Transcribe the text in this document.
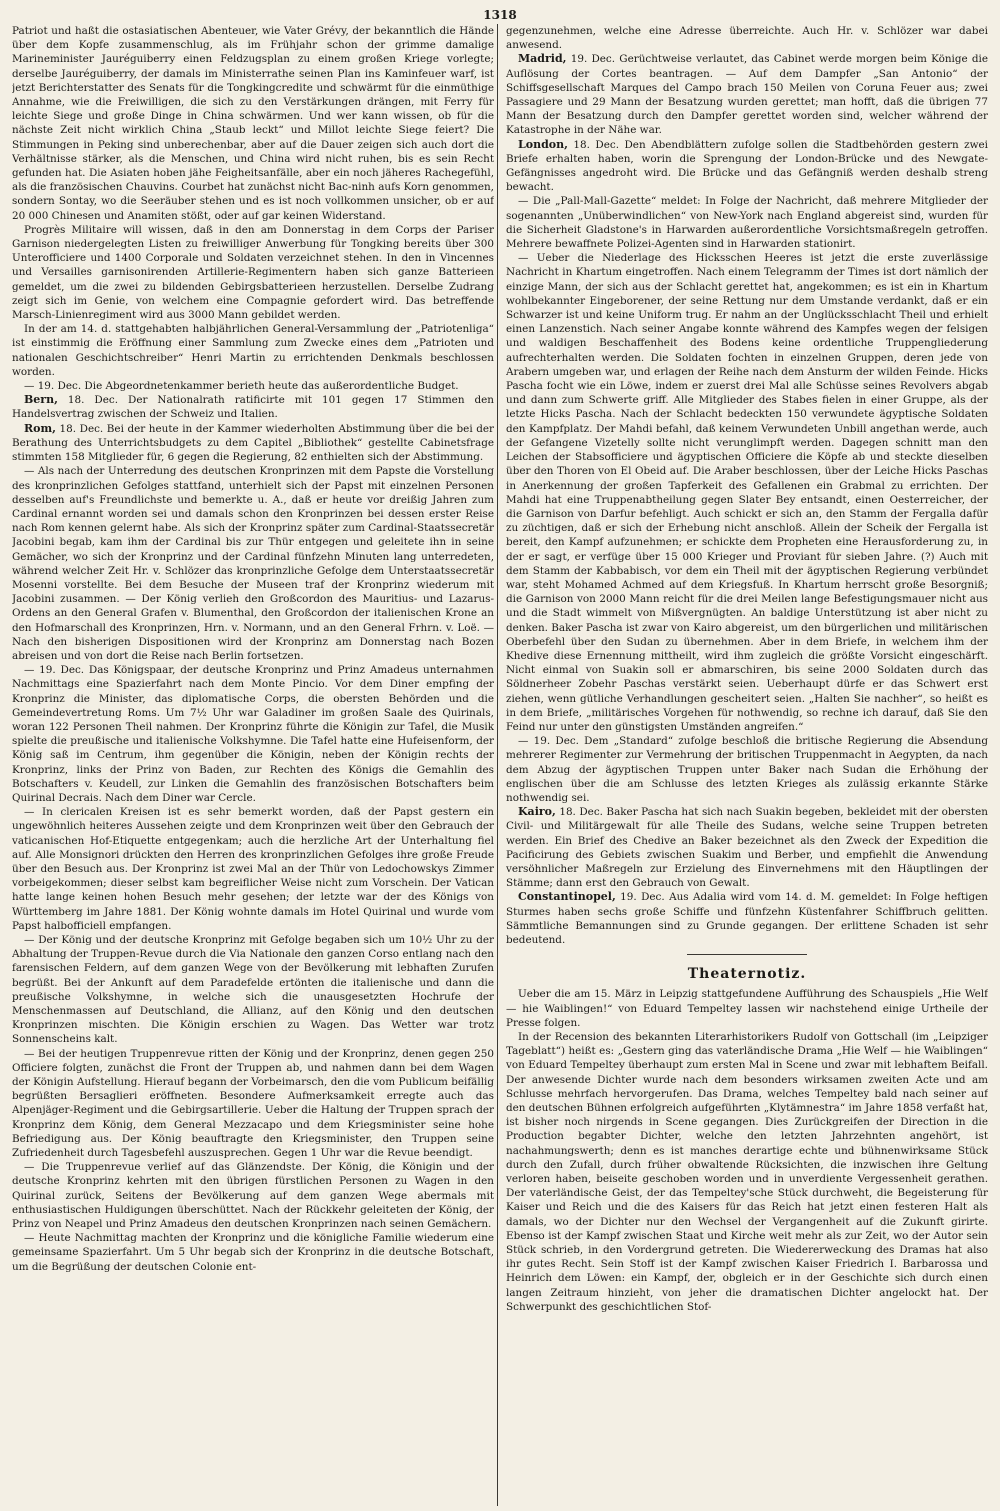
1318

Patriot und haßt die ostasiatischen Abenteuer, wie Vater Grévy, der bekanntlich die Hände über dem Kopfe zusammenschlug, als im Frühjahr schon der grimme damalige Marineminister Jauréguiberry einen Feldzugsplan zu einem großen Kriege vorlegte; derselbe Jauréguiberry, der damals im Ministerrathe seinen Plan ins Kaminfeuer warf, ist jetzt Berichterstatter des Senats für die Tongkingcredite und schwärmt für die einmüthige Annahme, wie die Freiwilligen, die sich zu den Verstärkungen drängen, mit Ferry für leichte Siege und große Dinge in China schwärmen. Und wer kann wissen, ob für die nächste Zeit nicht wirklich China „Staub leckt“ und Millot leichte Siege feiert? Die Stimmungen in Peking sind unberechenbar, aber auf die Dauer zeigen sich auch dort die Verhältnisse stärker, als die Menschen, und China wird nicht ruhen, bis es sein Recht gefunden hat. Die Asiaten hoben jähe Feigheitsanfälle, aber ein noch jäheres Rachegefühl, als die französischen Chauvins. Courbet hat zunächst nicht Bac-ninh aufs Korn genommen, sondern Sontay, wo die Seeräuber stehen und es ist noch vollkommen unsicher, ob er auf 20 000 Chinesen und Anamiten stößt, oder auf gar keinen Widerstand.

Progrès Militaire will wissen, daß in den am Donnerstag in dem Corps der Pariser Garnison niedergelegten Listen zu freiwilliger Anwerbung für Tongking bereits über 300 Unterofficiere und 1400 Corporale und Soldaten verzeichnet stehen. In den in Vincennes und Versailles garnisonirenden Artillerie-Regimentern haben sich ganze Batterieen gemeldet, um die zwei zu bildenden Gebirgsbatterieen herzustellen. Derselbe Zudrang zeigt sich im Genie, von welchem eine Compagnie gefordert wird. Das betreffende Marsch-Linienregiment wird aus 3000 Mann gebildet werden.

In der am 14. d. stattgehabten halbjährlichen General-Versammlung der „Patriotenliga“ ist einstimmig die Eröffnung einer Sammlung zum Zwecke eines dem „Patrioten und nationalen Geschichtschreiber“ Henri Martin zu errichtenden Denkmals beschlossen worden.

— 19. Dec. Die Abgeordnetenkammer berieth heute das außerordentliche Budget.

Bern, 18. Dec. Der Nationalrath ratificirte mit 101 gegen 17 Stimmen den Handelsvertrag zwischen der Schweiz und Italien.

Rom, 18. Dec. Bei der heute in der Kammer wiederholten Abstimmung über die bei der Berathung des Unterrichtsbudgets zu dem Capitel „Bibliothek“ gestellte Cabinetsfrage stimmten 158 Mitglieder für, 6 gegen die Regierung, 82 enthielten sich der Abstimmung.

— Als nach der Unterredung des deutschen Kronprinzen mit dem Papste die Vorstellung des kronprinzlichen Gefolges stattfand, unterhielt sich der Papst mit einzelnen Personen desselben auf's Freundlichste und bemerkte u. A., daß er heute vor dreißig Jahren zum Cardinal ernannt worden sei und damals schon den Kronprinzen bei dessen erster Reise nach Rom kennen gelernt habe. Als sich der Kronprinz später zum Cardinal-Staatssecretär Jacobini begab, kam ihm der Cardinal bis zur Thür entgegen und geleitete ihn in seine Gemächer, wo sich der Kronprinz und der Cardinal fünfzehn Minuten lang unterredeten, während welcher Zeit Hr. v. Schlözer das kronprinzliche Gefolge dem Unterstaatssecretär Mosenni vorstellte. Bei dem Besuche der Museen traf der Kronprinz wiederum mit Jacobini zusammen. — Der König verlieh den Großcordon des Mauritius- und Lazarus-Ordens an den General Grafen v. Blumenthal, den Großcordon der italienischen Krone an den Hofmarschall des Kronprinzen, Hrn. v. Normann, und an den General Frhrn. v. Loë. — Nach den bisherigen Dispositionen wird der Kronprinz am Donnerstag nach Bozen abreisen und von dort die Reise nach Berlin fortsetzen.

— 19. Dec. Das Königspaar, der deutsche Kronprinz und Prinz Amadeus unternahmen Nachmittags eine Spazierfahrt nach dem Monte Pincio. Vor dem Diner empfing der Kronprinz die Minister, das diplomatische Corps, die obersten Behörden und die Gemeindevertretung Roms. Um 7½ Uhr war Galadiner im großen Saale des Quirinals, woran 122 Personen Theil nahmen. Der Kronprinz führte die Königin zur Tafel, die Musik spielte die preußische und italienische Volkshymne. Die Tafel hatte eine Hufeisenform, der König saß im Centrum, ihm gegenüber die Königin, neben der Königin rechts der Kronprinz, links der Prinz von Baden, zur Rechten des Königs die Gemahlin des Botschafters v. Keudell, zur Linken die Gemahlin des französischen Botschafters beim Quirinal Decrais. Nach dem Diner war Cercle.

— In clericalen Kreisen ist es sehr bemerkt worden, daß der Papst gestern ein ungewöhnlich heiteres Aussehen zeigte und dem Kronprinzen weit über den Gebrauch der vaticanischen Hof-Etiquette entgegenkam; auch die herzliche Art der Unterhaltung fiel auf. Alle Monsignori drückten den Herren des kronprinzlichen Gefolges ihre große Freude über den Besuch aus. Der Kronprinz ist zwei Mal an der Thür von Ledochowskys Zimmer vorbeigekommen; dieser selbst kam begreiflicher Weise nicht zum Vorschein. Der Vatican hatte lange keinen hohen Besuch mehr gesehen; der letzte war der des Königs von Württemberg im Jahre 1881. Der König wohnte damals im Hotel Quirinal und wurde vom Papst halbofficiell empfangen.

— Der König und der deutsche Kronprinz mit Gefolge begaben sich um 10½ Uhr zu der Abhaltung der Truppen-Revue durch die Via Nationale den ganzen Corso entlang nach den farensischen Feldern, auf dem ganzen Wege von der Bevölkerung mit lebhaften Zurufen begrüßt. Bei der Ankunft auf dem Paradefelde ertönten die italienische und dann die preußische Volkshymne, in welche sich die unausgesetzten Hochrufe der Menschenmassen auf Deutschland, die Allianz, auf den König und den deutschen Kronprinzen mischten. Die Königin erschien zu Wagen. Das Wetter war trotz Sonnenscheins kalt.

— Bei der heutigen Truppenrevue ritten der König und der Kronprinz, denen gegen 250 Officiere folgten, zunächst die Front der Truppen ab, und nahmen dann bei dem Wagen der Königin Aufstellung. Hierauf begann der Vorbeimarsch, den die vom Publicum beifällig begrüßten Bersaglieri eröffneten. Besondere Aufmerksamkeit erregte auch das Alpenjäger-Regiment und die Gebirgsartillerie. Ueber die Haltung der Truppen sprach der Kronprinz dem König, dem General Mezzacapo und dem Kriegsminister seine hohe Befriedigung aus. Der König beauftragte den Kriegsminister, den Truppen seine Zufriedenheit durch Tagesbefehl auszusprechen. Gegen 1 Uhr war die Revue beendigt.

— Die Truppenrevue verlief auf das Glänzendste. Der König, die Königin und der deutsche Kronprinz kehrten mit den übrigen fürstlichen Personen zu Wagen in den Quirinal zurück, Seitens der Bevölkerung auf dem ganzen Wege abermals mit enthusiastischen Huldigungen überschüttet. Nach der Rückkehr geleiteten der König, der Prinz von Neapel und Prinz Amadeus den deutschen Kronprinzen nach seinen Gemächern.

— Heute Nachmittag machten der Kronprinz und die königliche Familie wiederum eine gemeinsame Spazierfahrt. Um 5 Uhr begab sich der Kronprinz in die deutsche Botschaft, um die Begrüßung der deutschen Colonie ent-

gegenzunehmen, welche eine Adresse überreichte. Auch Hr. v. Schlözer war dabei anwesend.

Madrid, 19. Dec. Gerüchtweise verlautet, das Cabinet werde morgen beim Könige die Auflösung der Cortes beantragen. — Auf dem Dampfer „San Antonio“ der Schiffsgesellschaft Marques del Campo brach 150 Meilen von Coruna Feuer aus; zwei Passagiere und 29 Mann der Besatzung wurden gerettet; man hofft, daß die übrigen 77 Mann der Besatzung durch den Dampfer gerettet worden sind, welcher während der Katastrophe in der Nähe war.

London, 18. Dec. Den Abendblättern zufolge sollen die Stadtbehörden gestern zwei Briefe erhalten haben, worin die Sprengung der London-Brücke und des Newgate-Gefängnisses angedroht wird. Die Brücke und das Gefängniß werden deshalb streng bewacht.

— Die „Pall-Mall-Gazette“ meldet: In Folge der Nachricht, daß mehrere Mitglieder der sogenannten „Unüberwindlichen“ von New-York nach England abgereist sind, wurden für die Sicherheit Gladstone's in Harwarden außerordentliche Vorsichtsmaßregeln getroffen. Mehrere bewaffnete Polizei-Agenten sind in Harwarden stationirt.

— Ueber die Niederlage des Hicksschen Heeres ist jetzt die erste zuverlässige Nachricht in Khartum eingetroffen. Nach einem Telegramm der Times ist dort nämlich der einzige Mann, der sich aus der Schlacht gerettet hat, angekommen; es ist ein in Khartum wohlbekannter Eingeborener, der seine Rettung nur dem Umstande verdankt, daß er ein Schwarzer ist und keine Uniform trug. Er nahm an der Unglücksschlacht Theil und erhielt einen Lanzenstich. Nach seiner Angabe konnte während des Kampfes wegen der felsigen und waldigen Beschaffenheit des Bodens keine ordentliche Truppengliederung aufrechterhalten werden. Die Soldaten fochten in einzelnen Gruppen, deren jede von Arabern umgeben war, und erlagen der Reihe nach dem Ansturm der wilden Feinde. Hicks Pascha focht wie ein Löwe, indem er zuerst drei Mal alle Schüsse seines Revolvers abgab und dann zum Schwerte griff. Alle Mitglieder des Stabes fielen in einer Gruppe, als der letzte Hicks Pascha. Nach der Schlacht bedeckten 150 verwundete ägyptische Soldaten den Kampfplatz. Der Mahdi befahl, daß keinem Verwundeten Unbill angethan werde, auch der Gefangene Vizetelly sollte nicht verunglimpft werden. Dagegen schnitt man den Leichen der Stabsofficiere und ägyptischen Officiere die Köpfe ab und steckte dieselben über den Thoren von El Obeid auf. Die Araber beschlossen, über der Leiche Hicks Paschas in Anerkennung der großen Tapferkeit des Gefallenen ein Grabmal zu errichten. Der Mahdi hat eine Truppenabtheilung gegen Slater Bey entsandt, einen Oesterreicher, der die Garnison von Darfur befehligt. Auch schickt er sich an, den Stamm der Fergalla dafür zu züchtigen, daß er sich der Erhebung nicht anschloß. Allein der Scheik der Fergalla ist bereit, den Kampf aufzunehmen; er schickte dem Propheten eine Herausforderung zu, in der er sagt, er verfüge über 15 000 Krieger und Proviant für sieben Jahre. (?) Auch mit dem Stamm der Kabbabisch, vor dem ein Theil mit der ägyptischen Regierung verbündet war, steht Mohamed Achmed auf dem Kriegsfuß. In Khartum herrscht große Besorgniß; die Garnison von 2000 Mann reicht für die drei Meilen lange Befestigungsmauer nicht aus und die Stadt wimmelt von Mißvergnügten. An baldige Unterstützung ist aber nicht zu denken. Baker Pascha ist zwar von Kairo abgereist, um den bürgerlichen und militärischen Oberbefehl über den Sudan zu übernehmen. Aber in dem Briefe, in welchem ihm der Khedive diese Ernennung mittheilt, wird ihm zugleich die größte Vorsicht eingeschärft. Nicht einmal von Suakin soll er abmarschiren, bis seine 2000 Soldaten durch das Söldnerheer Zobehr Paschas verstärkt seien. Ueberhaupt dürfe er das Schwert erst ziehen, wenn gütliche Verhandlungen gescheitert seien. „Halten Sie nachher“, so heißt es in dem Briefe, „militärisches Vorgehen für nothwendig, so rechne ich darauf, daß Sie den Feind nur unter den günstigsten Umständen angreifen.“

— 19. Dec. Dem „Standard“ zufolge beschloß die britische Regierung die Absendung mehrerer Regimenter zur Vermehrung der britischen Truppenmacht in Aegypten, da nach dem Abzug der ägyptischen Truppen unter Baker nach Sudan die Erhöhung der englischen über die am Schlusse des letzten Krieges als zulässig erkannte Stärke nothwendig sei.

Kairo, 18. Dec. Baker Pascha hat sich nach Suakin begeben, bekleidet mit der obersten Civil- und Militärgewalt für alle Theile des Sudans, welche seine Truppen betreten werden. Ein Brief des Chedive an Baker bezeichnet als den Zweck der Expedition die Pacificirung des Gebiets zwischen Suakim und Berber, und empfiehlt die Anwendung versöhnlicher Maßregeln zur Erzielung des Einvernehmens mit den Häuptlingen der Stämme; dann erst den Gebrauch von Gewalt.

Constantinopel, 19. Dec. Aus Adalia wird vom 14. d. M. gemeldet: In Folge heftigen Sturmes haben sechs große Schiffe und fünfzehn Küstenfahrer Schiffbruch gelitten. Sämmtliche Bemannungen sind zu Grunde gegangen. Der erlittene Schaden ist sehr bedeutend.

Theaternotiz.

Ueber die am 15. März in Leipzig stattgefundene Aufführung des Schauspiels „Hie Welf — hie Waiblingen!“ von Eduard Tempeltey lassen wir nachstehend einige Urtheile der Presse folgen.

In der Recension des bekannten Literarhistorikers Rudolf von Gottschall (im „Leipziger Tageblatt“) heißt es: „Gestern ging das vaterländische Drama „Hie Welf — hie Waiblingen“ von Eduard Tempeltey überhaupt zum ersten Mal in Scene und zwar mit lebhaftem Beifall. Der anwesende Dichter wurde nach dem besonders wirksamen zweiten Acte und am Schlusse mehrfach hervorgerufen. Das Drama, welches Tempeltey bald nach seiner auf den deutschen Bühnen erfolgreich aufgeführten „Klytämnestra“ im Jahre 1858 verfaßt hat, ist bisher noch nirgends in Scene gegangen. Dies Zurückgreifen der Direction in die Production begabter Dichter, welche den letzten Jahrzehnten angehört, ist nachahmungswerth; denn es ist manches derartige echte und bühnenwirksame Stück durch den Zufall, durch früher obwaltende Rücksichten, die inzwischen ihre Geltung verloren haben, beiseite geschoben worden und in unverdiente Vergessenheit gerathen. Der vaterländische Geist, der das Tempeltey'sche Stück durchweht, die Begeisterung für Kaiser und Reich und die des Kaisers für das Reich hat jetzt einen festeren Halt als damals, wo der Dichter nur den Wechsel der Vergangenheit auf die Zukunft girirte. Ebenso ist der Kampf zwischen Staat und Kirche weit mehr als zur Zeit, wo der Autor sein Stück schrieb, in den Vordergrund getreten. Die Wiedererweckung des Dramas hat also ihr gutes Recht. Sein Stoff ist der Kampf zwischen Kaiser Friedrich I. Barbarossa und Heinrich dem Löwen: ein Kampf, der, obgleich er in der Geschichte sich durch einen langen Zeitraum hinzieht, von jeher die dramatischen Dichter angelockt hat. Der Schwerpunkt des geschichtlichen Stof-
